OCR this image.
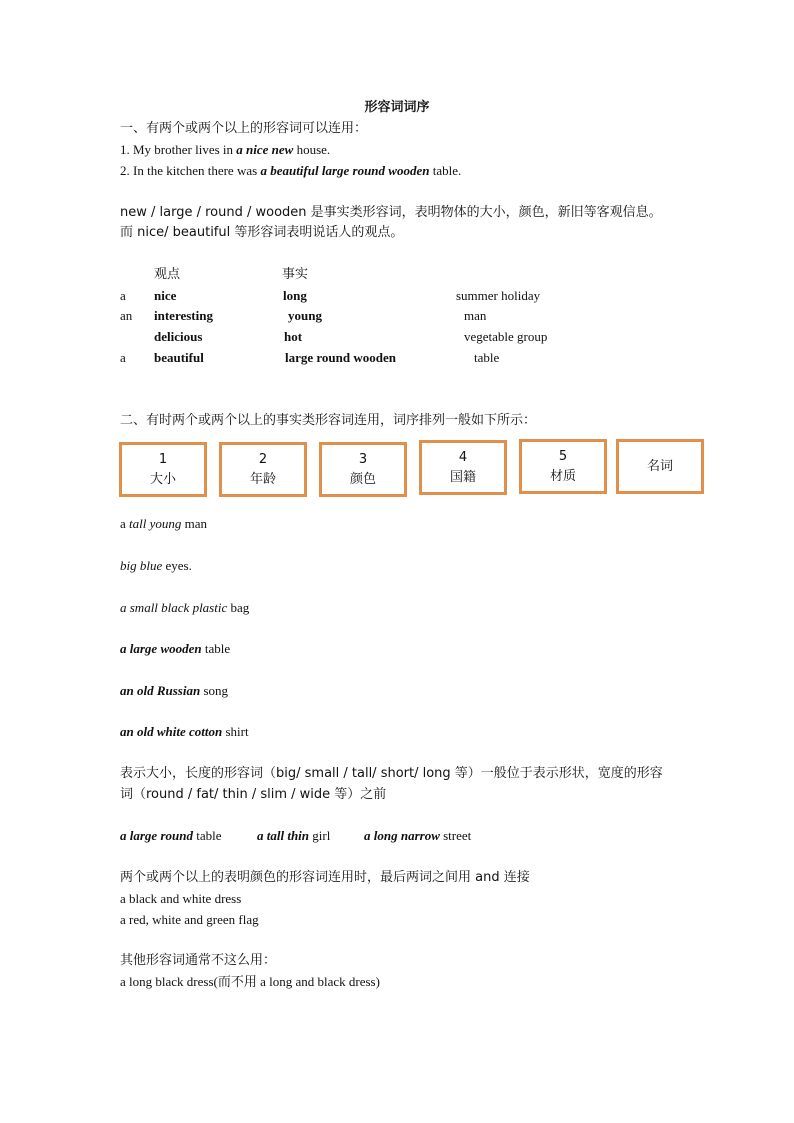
形容词词序
一、有两个或两个以上的形容词可以连用：
1. My brother lives in a nice new house.
2. In the kitchen there was a beautiful large round wooden table.
new / large / round / wooden 是事实类形容词，表明物体的大小，颜色，新旧等客观信息。
而 nice/ beautiful 等形容词表明说话人的观点。
观点	事实
a nice	long	summer holiday
an interesting	young	man
delicious	hot	vegetable group
a beautiful	large round wooden	table
二、有时两个或两个以上的事实类形容词连用，词序排列一般如下所示：
1
大小
2
年龄
3
颜色
4
国籍
5
材质
名词
a tall young man
big blue eyes.
a small black plastic bag
a large wooden table
an old Russian song
an old white cotton shirt
表示大小，长度的形容词（big/ small / tall/ short/ long 等）一般位于表示形状，宽度的形容
词（round / fat/ thin / slim / wide 等）之前
a large round table	a tall thin girl	a long narrow street
两个或两个以上的表明颜色的形容词连用时，最后两词之间用 and 连接
a black and white dress
a red, white and green flag
其他形容词通常不这么用：
a long black dress(而不用 a long and black dress)
